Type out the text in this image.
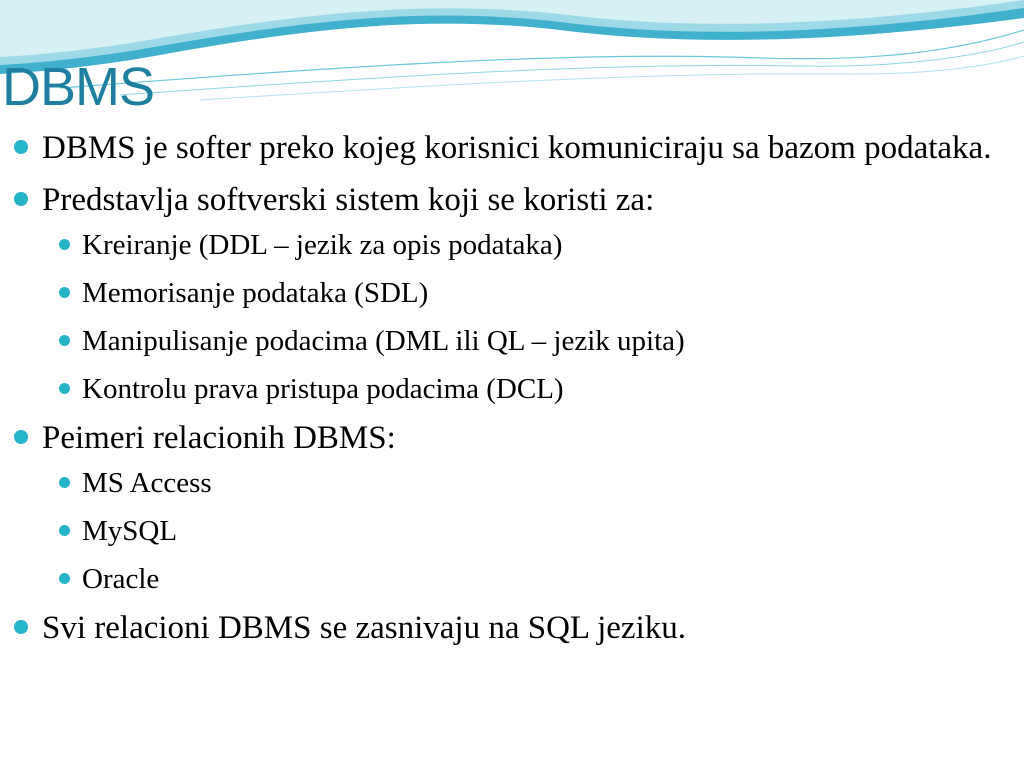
DBMS
DBMS je softer preko kojeg korisnici komuniciraju sa bazom podataka.
Predstavlja softverski sistem koji se koristi za:
Kreiranje (DDL – jezik za opis podataka)
Memorisanje podataka (SDL)
Manipulisanje podacima (DML ili QL – jezik upita)
Kontrolu prava pristupa podacima (DCL)
Peimeri relacionih DBMS:
MS Access
MySQL
Oracle
Svi relacioni DBMS se zasnivaju na SQL jeziku.
